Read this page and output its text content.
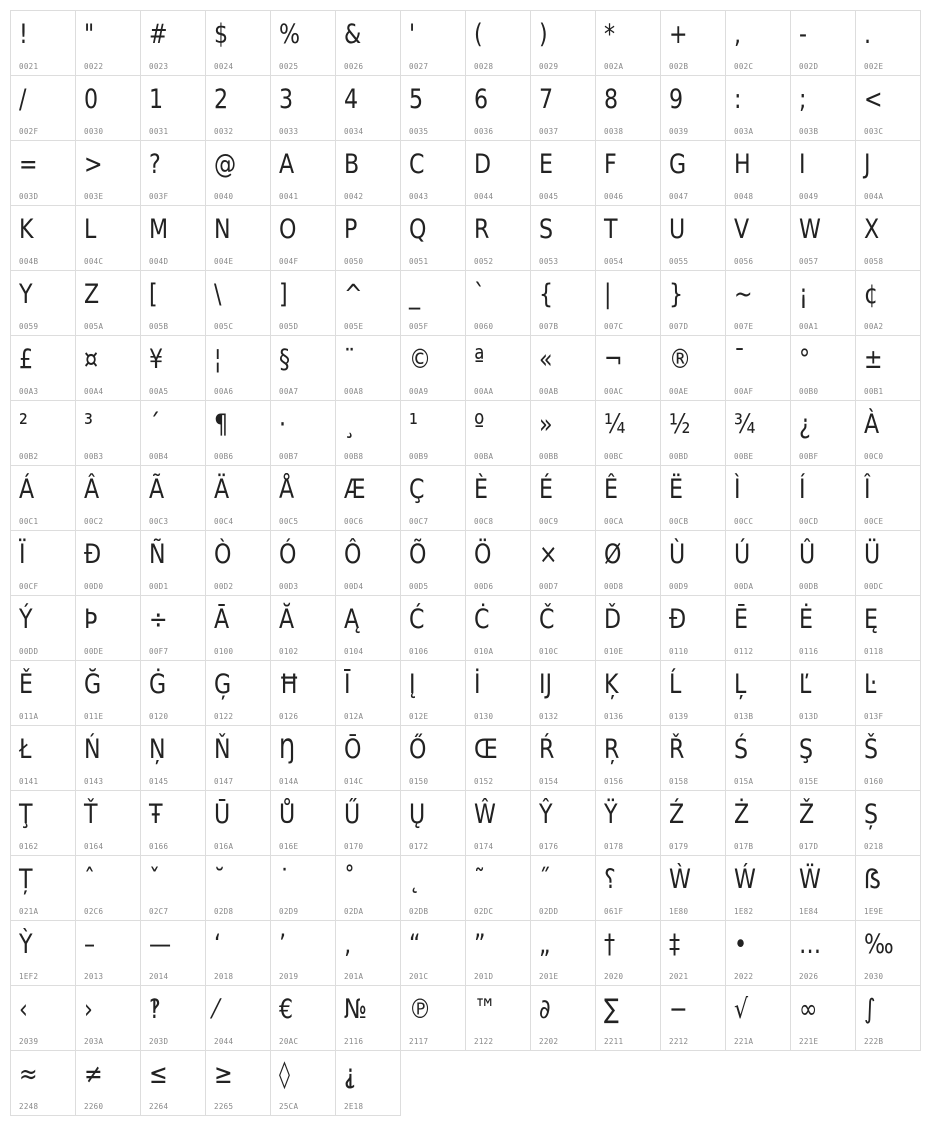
!
0021
"
0022
#
0023
$
0024
%
0025
&
0026
'
0027
(
0028
)
0029
*
002A
+
002B
,
002C
-
002D
.
002E
/
002F
0
0030
1
0031
2
0032
3
0033
4
0034
5
0035
6
0036
7
0037
8
0038
9
0039
:
003A
;
003B
<
003C
=
003D
>
003E
?
003F
@
0040
A
0041
B
0042
C
0043
D
0044
E
0045
F
0046
G
0047
H
0048
I
0049
J
004A
K
004B
L
004C
M
004D
N
004E
O
004F
P
0050
Q
0051
R
0052
S
0053
T
0054
U
0055
V
0056
W
0057
X
0058
Y
0059
Z
005A
[
005B
\
005C
]
005D
^
005E
_
005F
`
0060
{
007B
|
007C
}
007D
~
007E
¡
00A1
¢
00A2
£
00A3
¤
00A4
¥
00A5
¦
00A6
§
00A7
¨
00A8
©
00A9
ª
00AA
«
00AB
¬
00AC
®
00AE
¯
00AF
°
00B0
±
00B1
²
00B2
³
00B3
´
00B4
¶
00B6
·
00B7
¸
00B8
¹
00B9
º
00BA
»
00BB
¼
00BC
½
00BD
¾
00BE
¿
00BF
À
00C0
Á
00C1
Â
00C2
Ã
00C3
Ä
00C4
Å
00C5
Æ
00C6
Ç
00C7
È
00C8
É
00C9
Ê
00CA
Ë
00CB
Ì
00CC
Í
00CD
Î
00CE
Ï
00CF
Ð
00D0
Ñ
00D1
Ò
00D2
Ó
00D3
Ô
00D4
Õ
00D5
Ö
00D6
×
00D7
Ø
00D8
Ù
00D9
Ú
00DA
Û
00DB
Ü
00DC
Ý
00DD
Þ
00DE
÷
00F7
Ā
0100
Ă
0102
Ą
0104
Ć
0106
Ċ
010A
Č
010C
Ď
010E
Đ
0110
Ē
0112
Ė
0116
Ę
0118
Ě
011A
Ğ
011E
Ġ
0120
Ģ
0122
Ħ
0126
Ī
012A
Į
012E
İ
0130
Ĳ
0132
Ķ
0136
Ĺ
0139
Ļ
013B
Ľ
013D
Ŀ
013F
Ł
0141
Ń
0143
Ņ
0145
Ň
0147
Ŋ
014A
Ō
014C
Ő
0150
Œ
0152
Ŕ
0154
Ŗ
0156
Ř
0158
Ś
015A
Ş
015E
Š
0160
Ţ
0162
Ť
0164
Ŧ
0166
Ū
016A
Ů
016E
Ű
0170
Ų
0172
Ŵ
0174
Ŷ
0176
Ÿ
0178
Ź
0179
Ż
017B
Ž
017D
Ș
0218
Ț
021A
ˆ
02C6
ˇ
02C7
˘
02D8
˙
02D9
˚
02DA
˛
02DB
˜
02DC
˝
02DD
؟
061F
Ẁ
1E80
Ẃ
1E82
Ẅ
1E84
ẞ
1E9E
Ỳ
1EF2
–
2013
—
2014
‘
2018
’
2019
‚
201A
“
201C
”
201D
„
201E
†
2020
‡
2021
•
2022
…
2026
‰
2030
‹
2039
›
203A
‽
203D
⁄
2044
€
20AC
№
2116
℗
2117
™
2122
∂
2202
∑
2211
−
2212
√
221A
∞
221E
∫
222B
≈
2248
≠
2260
≤
2264
≥
2265
◊
25CA
⸘
2E18
